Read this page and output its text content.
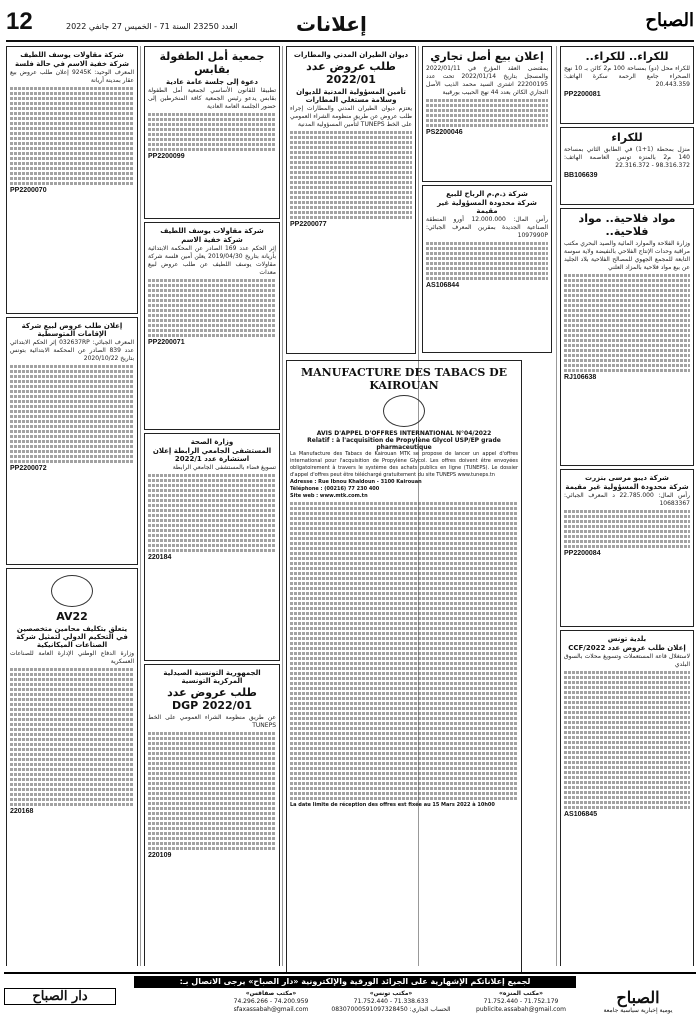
12	العدد 23250 السنة 71 - الخميس 27 جانفي 2022	إعلانات	الصباح
للكراء.. للكراء..
للكراء محل (دو) بمساحة 100 م2 كائن بـ 10 نهج الصحراء جامع الرحمة سكرة الهاتف: 20.443.359
PP2200081
للكراء
منزل بمحطة (1+1) في الطابق الثاني بمساحة 140 م2 بالمنزه تونس العاصمة الهاتف: 98.316.372 - 22.316.372
BB106639
مواد فلاحية.. مواد فلاحية..
وزارة الفلاحة والموارد المائية والصيد البحري مكتب مراقبة وحدات الإنتاج الفلاحي بالنفيضة ولاية سوسة التابعة للمجمع الجهوي للمصالح الفلاحية بلاد الجليد عن بيع مواد فلاحية بالمزاد العلني
RJ106638
شركة ديبو مرسى بنزرت
شركة محدودة المسؤولية غير مقيمة
رأس المال: 22.785.000 د المعرف الجبائي: 10683367
PP2200084
بلدية تونس
إعلان طلب عروض عدد 2022/CCF
لاستغلال قاعة المستعملات وتسويغ محلات بالسوق البلدي
AS106845
إعلان بيع أصل تجاري
بمقتضى العقد المؤرخ في 2022/01/11 والمسجل بتاريخ 2022/01/14 تحت عدد 22200195 اشترى السيد محمد الذيب الأصل التجاري الكائن بعدد 44 نهج الحبيب بورقيبة
PS2200046
شركة ذ.م.م الرباح للبيع
شركة محدودة المسؤولية غير مقيمة
رأس المال: 12.000.000 أورو المنطقة الصناعية الجديدة بمقرين المعرف الجبائي: 1097990P
AS106844
ديوان الطيران المدني والمطارات
طلب عروض عدد 2022/01
تأمين المسؤولية المدنية للديوان وسلامة مستغلي المطارات
يعتزم ديوان الطيران المدني والمطارات إجراء طلب عروض عن طريق منظومة الشراء العمومي على الخط TUNEPS لتأمين المسؤولية المدنية
PP2200077
MANUFACTURE DES TABACS DE KAIROUAN
AVIS D'APPEL D'OFFRES INTERNATIONAL N°04/2022
Relatif : à l'acquisition de Propylène Glycol USP/EP grade pharmaceutique
La Manufacture des Tabacs de Kairouan MTK se propose de lancer un appel d'offres international pour l'acquisition de Propylène Glycol. Les offres doivent être envoyées obligatoirement à travers le système des achats publics en ligne (TUNEPS). Le dossier d'appel d'offres peut être téléchargé gratuitement du site TUNEPS www.tuneps.tn
Adresse : Rue Ibnou Khaldoun - 3100 Kairouan
Téléphone : (00216) 77 230 400
Site web : www.mtk.com.tn
La date limite de réception des offres est fixée au 15 Mars 2022 à 10h00
جمعية أمل الطفولة بقابس
دعوة إلى جلسة عامة عادية
تطبيقا للقانون الأساسي لجمعية أمل الطفولة بقابس يدعو رئيس الجمعية كافة المنخرطين إلى حضور الجلسة العامة العادية
PP2200099
شركة مقاولات يوسف اللطيف
شركة خفية الاسم
إثر الحكم عدد 169 الصادر عن المحكمة الابتدائية بأريانة بتاريخ 2019/04/30 يعلن أمين فلسة شركة مقاولات يوسف اللطيف عن طلب عروض لبيع معدات
PP2200071
وزارة الصحة
المستشفى الجامعي الرابطة إعلان استشارة عدد 2022/1
تسويغ فضاء بالمستشفى الجامعي الرابطة
220184
الجمهورية التونسية الصيدلية المركزية التونسية
طلب عروض عدد 2022/01 DGP
عن طريق منظومة الشراء العمومي على الخط TUNEPS
220109
شركة مقاولات يوسف اللطيف
شركة خفية الاسم في حالة فلسة
المعرف الوحيد: 9245K إعلان طلب عروض بيع عقار بمدينة أريانة
PP2200070
إعلان طلب عروض لبيع شركة الإقامات المتوسطية
المعرف الجبائي: 032637RP إثر الحكم الابتدائي عدد 839 الصادر عن المحكمة الابتدائية بتونس بتاريخ 2020/10/22
PP2200072
AV22
يتعلق بتكليف محامين متخصصين في التحكيم الدولي لتمثيل شركة الصناعات الميكانيكية
وزارة الدفاع الوطني الإدارة العامة للصناعات العسكرية
220168
لجميع إعلاناتكم الإشهارية على الجرائد الورقية والإلكترونية «دار الصباح» يرجى الاتصال بـ:
الصباح
يومية إخبارية سياسية جامعة
«مكتب المنزه»
71.752.179 - 71.752.440
publicite.assabah@gmail.com
«مكتب تونس»
71.338.633 - 71.752.440
الحساب الجاري: 08307000591097328450
«مكتب صفاقس»
74.200.959 - 74.296.266
sfaxassabah@gmail.com
دار الصباح
